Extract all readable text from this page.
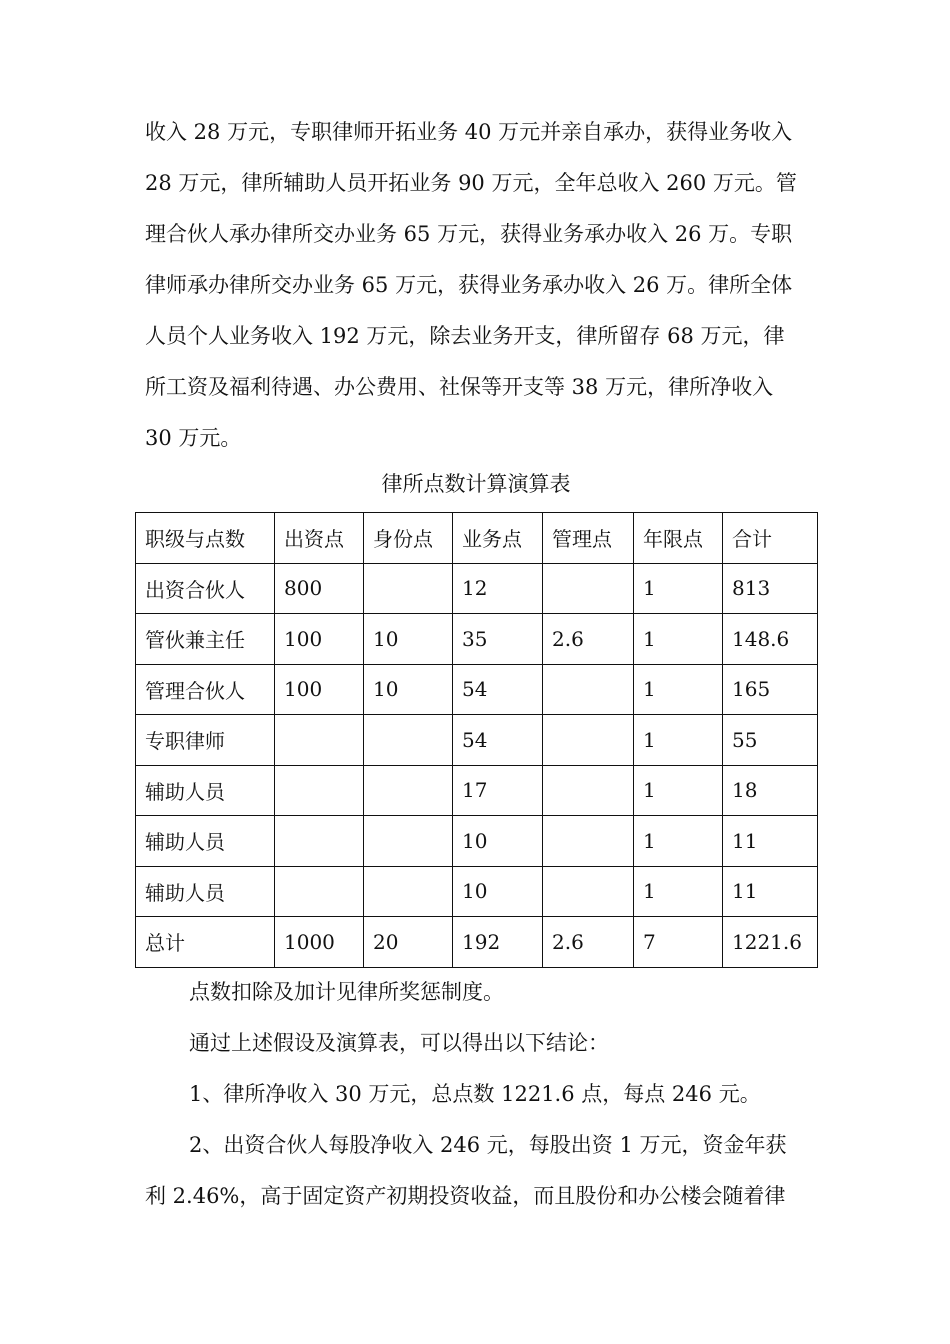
收入 28 万元，专职律师开拓业务 40 万元并亲自承办，获得业务收入
28 万元，律所辅助人员开拓业务 90 万元，全年总收入 260 万元。管
理合伙人承办律所交办业务 65 万元，获得业务承办收入 26 万。专职
律师承办律所交办业务 65 万元，获得业务承办收入 26 万。律所全体
人员个人业务收入 192 万元，除去业务开支，律所留存 68 万元，律
所工资及福利待遇、办公费用、社保等开支等 38 万元，律所净收入
30 万元。

律所点数计算演算表
职级与点数	出资点	身份点	业务点	管理点	年限点	合计
出资合伙人	800		12		1	813
管伙兼主任	100	10	35	2.6	1	148.6
管理合伙人	100	10	54		1	165
专职律师			54		1	55
辅助人员			17		1	18
辅助人员			10		1	11
辅助人员			10		1	11
总计	1000	20	192	2.6	7	1221.6

点数扣除及加计见律所奖惩制度。
通过上述假设及演算表，可以得出以下结论：
1、律所净收入 30 万元，总点数 1221.6 点，每点 246 元。
2、出资合伙人每股净收入 246 元，每股出资 1 万元，资金年获
利 2.46%，高于固定资产初期投资收益，而且股份和办公楼会随着律
